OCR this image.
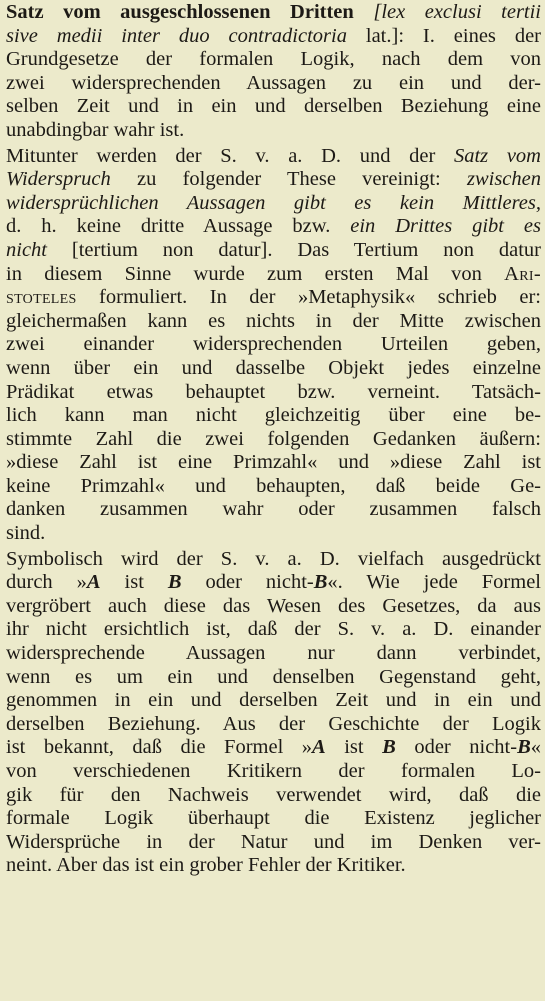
Satz vom ausgeschlossenen Dritten [lex exclusi tertii
sive medii inter duo contradictoria lat.]: I. eines der
Grundgesetze der formalen Logik, nach dem von
zwei widersprechenden Aussagen zu ein und der-
selben Zeit und in ein und derselben Beziehung eine
unabdingbar wahr ist.
Mitunter werden der S. v. a. D. und der Satz vom
Widerspruch zu folgender These vereinigt: zwischen
widersprüchlichen Aussagen gibt es kein Mittleres,
d. h. keine dritte Aussage bzw. ein Drittes gibt es
nicht [tertium non datur]. Das Tertium non datur
in diesem Sinne wurde zum ersten Mal von Ari-
stoteles formuliert. In der »Metaphysik« schrieb er:
gleichermaßen kann es nichts in der Mitte zwischen
zwei einander widersprechenden Urteilen geben,
wenn über ein und dasselbe Objekt jedes einzelne
Prädikat etwas behauptet bzw. verneint. Tatsäch-
lich kann man nicht gleichzeitig über eine be-
stimmte Zahl die zwei folgenden Gedanken äußern:
»diese Zahl ist eine Primzahl« und »diese Zahl ist
keine Primzahl« und behaupten, daß beide Ge-
danken zusammen wahr oder zusammen falsch
sind.
Symbolisch wird der S. v. a. D. vielfach ausgedrückt
durch »A ist B oder nicht-B«. Wie jede Formel
vergröbert auch diese das Wesen des Gesetzes, da aus
ihr nicht ersichtlich ist, daß der S. v. a. D. einander
widersprechende Aussagen nur dann verbindet,
wenn es um ein und denselben Gegenstand geht,
genommen in ein und derselben Zeit und in ein und
derselben Beziehung. Aus der Geschichte der Logik
ist bekannt, daß die Formel »A ist B oder nicht-B«
von verschiedenen Kritikern der formalen Lo-
gik für den Nachweis verwendet wird, daß die
formale Logik überhaupt die Existenz jeglicher
Widersprüche in der Natur und im Denken ver-
neint. Aber das ist ein grober Fehler der Kritiker.
